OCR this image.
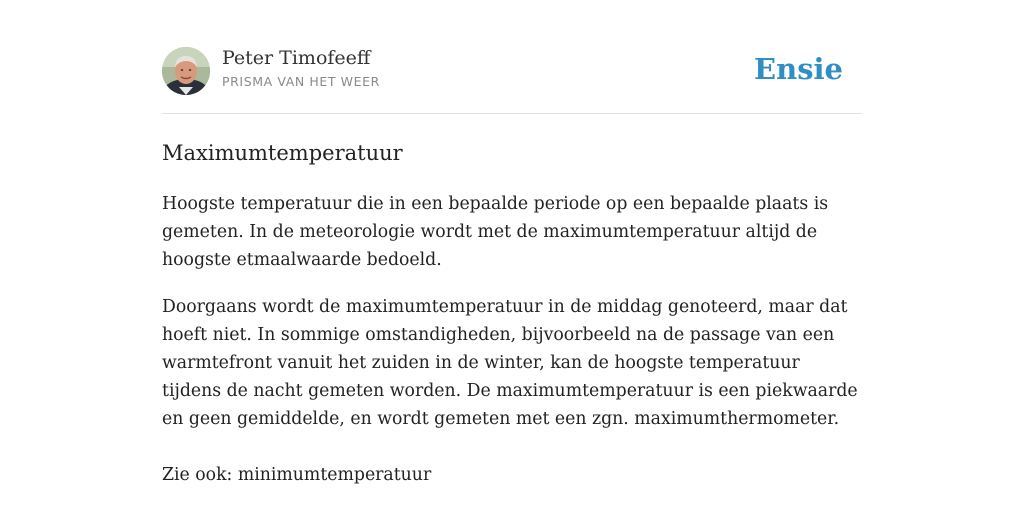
Peter Timofeeff
PRISMA VAN HET WEER	Ensie
Maximumtemperatuur

Hoogste temperatuur die in een bepaalde periode op een bepaalde plaats is gemeten. In de meteorologie wordt met de maximumtemperatuur altijd de hoogste etmaalwaarde bedoeld.

Doorgaans wordt de maximumtemperatuur in de middag genoteerd, maar dat hoeft niet. In sommige omstandigheden, bijvoorbeeld na de passage van een warmtefront vanuit het zuiden in de winter, kan de hoogste temperatuur tijdens de nacht gemeten worden. De maximumtemperatuur is een piekwaarde en geen gemiddelde, en wordt gemeten met een zgn. maximumthermometer.

Zie ook: minimumtemperatuur
